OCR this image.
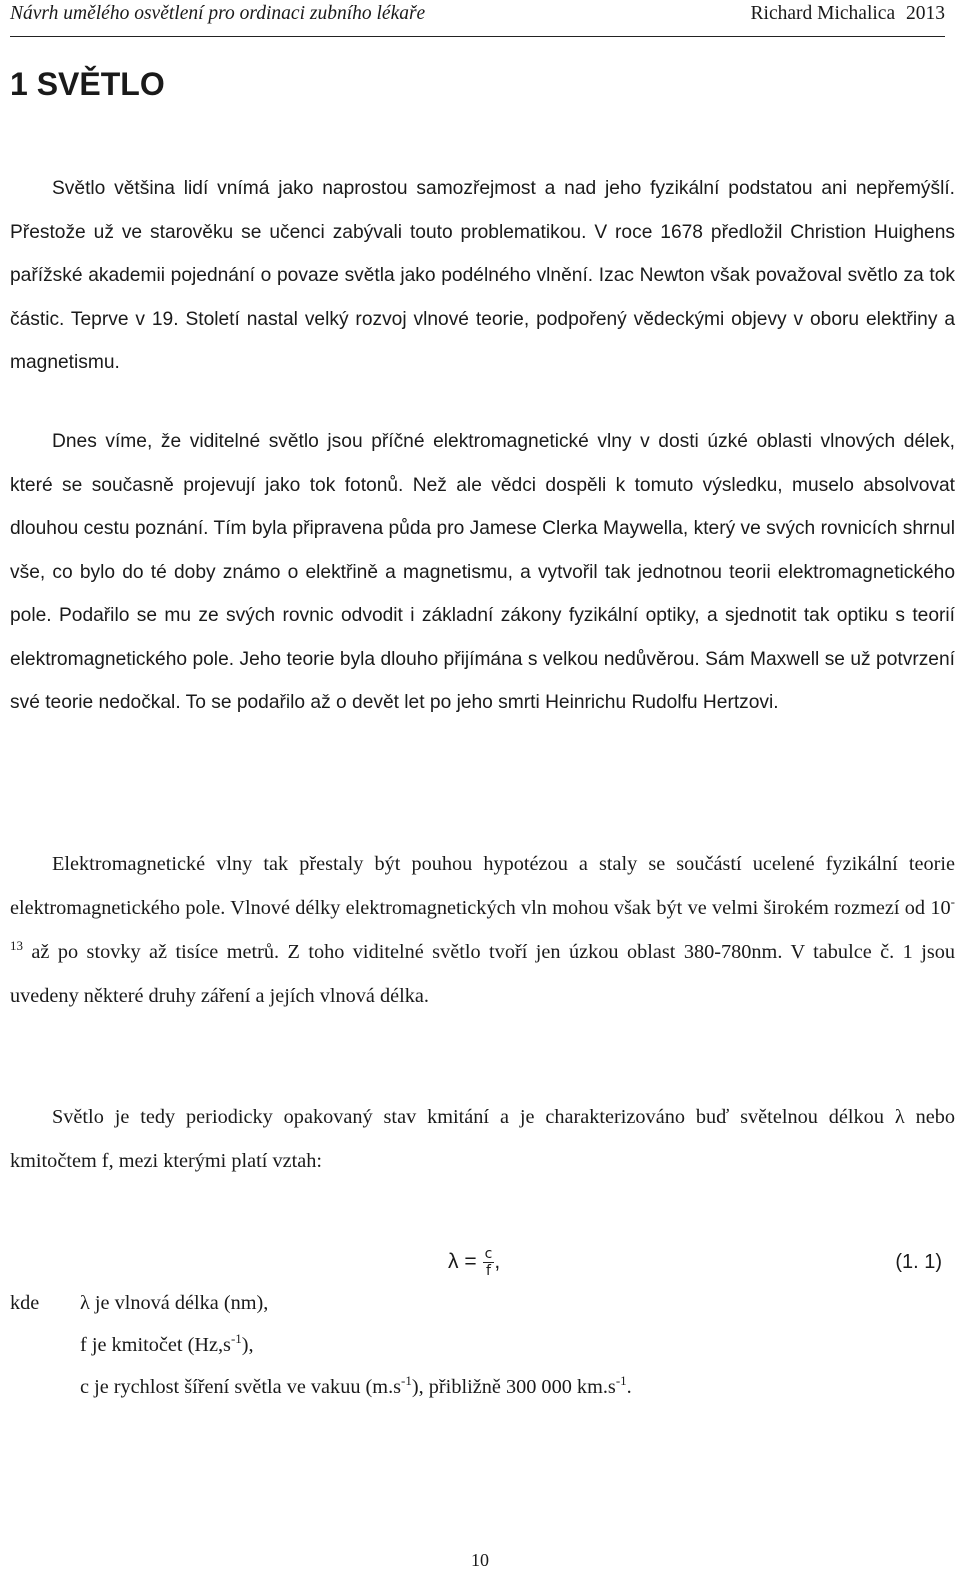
Návrh umělého osvětlení pro ordinaci zubního lékaře	Richard Michalica 2013
1 SVĚTLO

Světlo většina lidí vnímá jako naprostou samozřejmost a nad jeho fyzikální podstatou ani nepřemýšlí. Přestože už ve starověku se učenci zabývali touto problematikou. V roce 1678 předložil Christion Huighens pařížské akademii pojednání o povaze světla jako podélného vlnění. Izac Newton však považoval světlo za tok částic. Teprve v 19. Století nastal velký rozvoj vlnové teorie, podpořený vědeckými objevy v oboru elektřiny a magnetismu.

Dnes víme, že viditelné světlo jsou příčné elektromagnetické vlny v dosti úzké oblasti vlnových délek, které se současně projevují jako tok fotonů. Než ale vědci dospěli k tomuto výsledku, muselo absolvovat dlouhou cestu poznání. Tím byla připravena půda pro Jamese Clerka Maywella, který ve svých rovnicích shrnul vše, co bylo do té doby známo o elektřině a magnetismu, a vytvořil tak jednotnou teorii elektromagnetického pole. Podařilo se mu ze svých rovnic odvodit i základní zákony fyzikální optiky, a sjednotit tak optiku s teorií elektromagnetického pole. Jeho teorie byla dlouho přijímána s velkou nedůvěrou. Sám Maxwell se už potvrzení své teorie nedočkal. To se podařilo až o devět let po jeho smrti Heinrichu Rudolfu Hertzovi.

Elektromagnetické vlny tak přestaly být pouhou hypotézou a staly se součástí ucelené fyzikální teorie elektromagnetického pole. Vlnové délky elektromagnetických vln mohou však být ve velmi širokém rozmezí od $10^{-13}$ až po stovky až tisíce metrů. Z toho viditelné světlo tvoří jen úzkou oblast 380-780nm. V tabulce č. 1 jsou uvedeny některé druhy záření a jejích vlnová délka.

Světlo je tedy periodicky opakovaný stav kmitání a je charakterizováno buď světelnou délkou λ nebo kmitočtem f, mezi kterými platí vztah:

$\lambda = \frac{c}{f}$ ,	(1. 1)
kde λ je vlnová délka (nm),
f je kmitočet $(Hz,s^{-1})$,
c je rychlost šíření světla ve vakuu $(m.s^{-1})$, přibližně 300 000 $km.s^{-1}$.
10
